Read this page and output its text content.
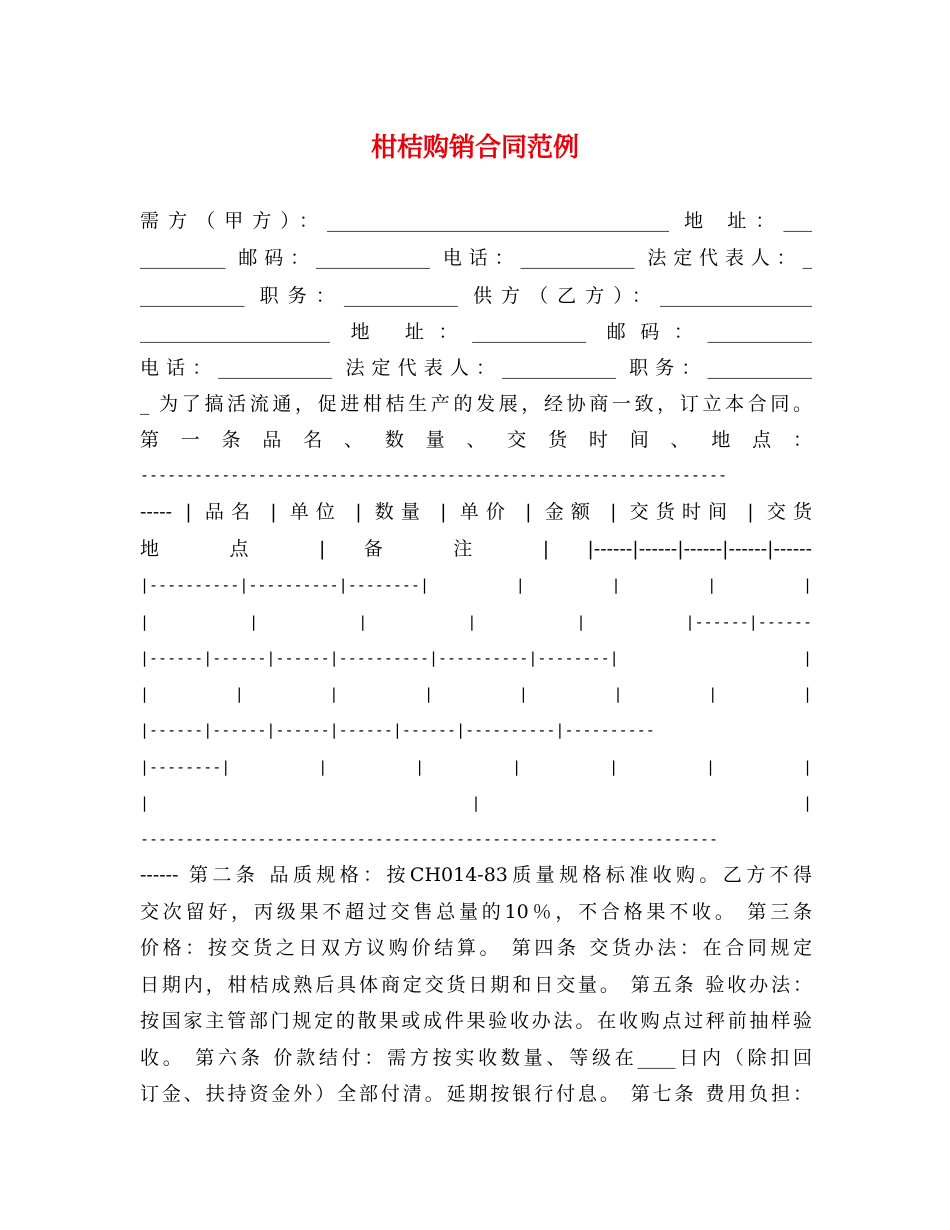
柑桔购销合同范例
需方（甲方）：____________________________________ 地 址：___
_________ 邮码：____________ 电话：____________ 法定代表人：_
___________ 职务：____________ 供方（乙方）：________________
____________________ 地 址：____________ 邮码：___________
电话：____________ 法定代表人：____________ 职务：___________
_ 为了搞活流通，促进柑桔生产的发展，经协商一致，订立本合同。
第 一 条 品 名 、 数 量 、 交 货 时 间 、 地 点 ：
-----------------------------------------------------------------
----- | 品名 | 单位 | 数量 | 单价 | 金额 | 交货时间 | 交货
地 点 | 备 注 | |------|------|------|------|------
|----------|----------|--------| | | | |
| | | | | |------|------
|------|------|------|----------|----------|--------| |
| | | | | | | |
|------|------|------|------|------|----------|----------
|--------| | | | | | |
| | |
----------------------------------------------------------------
------ 第二条 品质规格：按CH014-83质量规格标准收购。乙方不得
交次留好，丙级果不超过交售总量的10％，不合格果不收。 第三条
价格：按交货之日双方议购价结算。 第四条 交货办法：在合同规定
日期内，柑桔成熟后具体商定交货日期和日交量。 第五条 验收办法：
按国家主管部门规定的散果或成件果验收办法。在收购点过秤前抽样验
收。 第六条 价款结付：需方按实收数量、等级在____日内（除扣回
订金、扶持资金外）全部付清。延期按银行付息。 第七条 费用负担：
